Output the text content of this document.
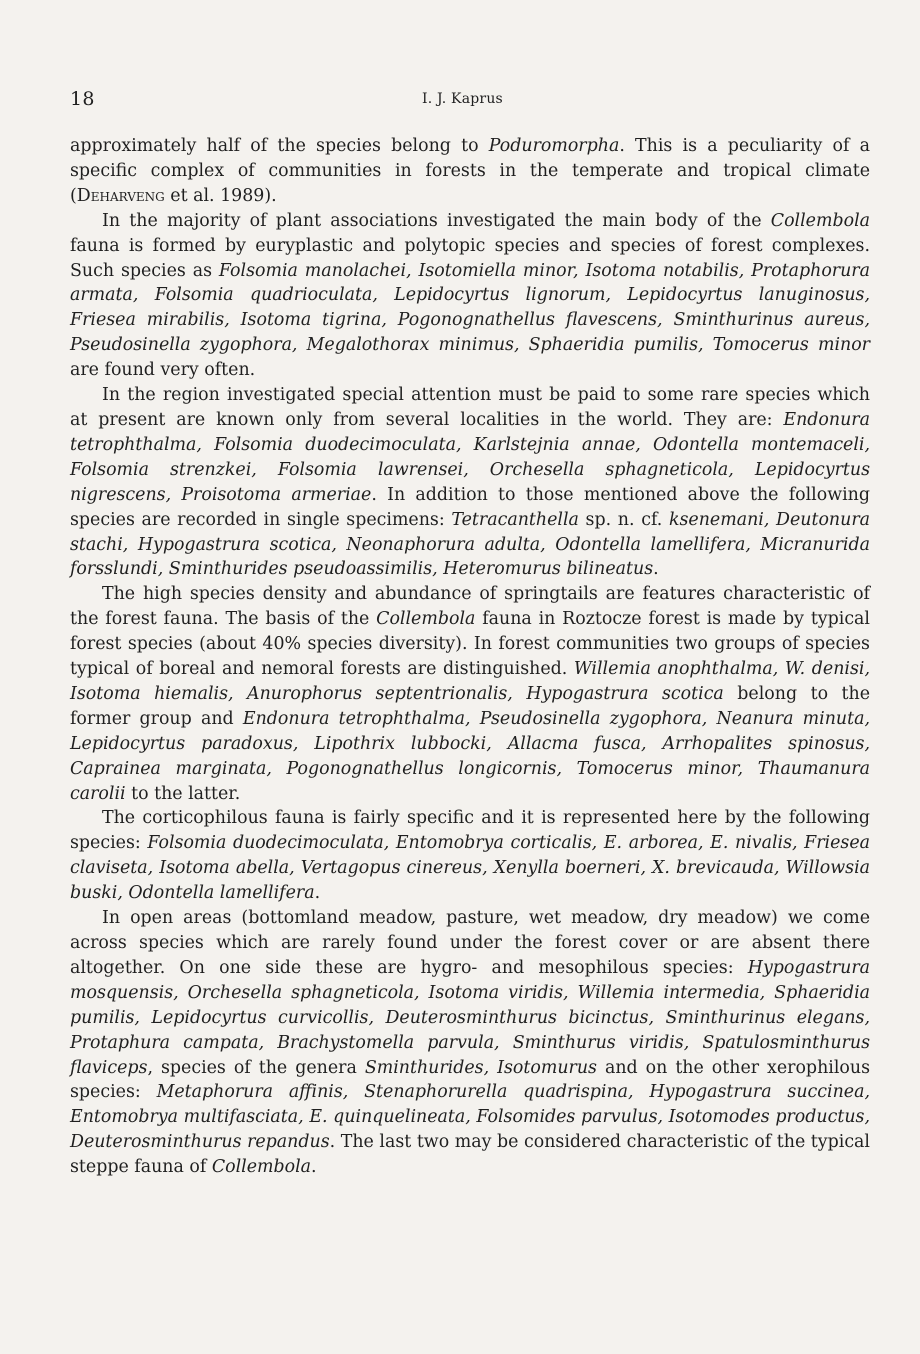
18	I. J. Kaprus

approximately half of the species belong to Poduromorpha. This is a peculiarity of a specific complex of communities in forests in the temperate and tropical climate (Deharveng et al. 1989).

In the majority of plant associations investigated the main body of the Collembola fauna is formed by euryplastic and polytopic species and species of forest complexes. Such species as Folsomia manolachei, Isotomiella minor, Isotoma notabilis, Protaphorura armata, Folsomia quadrioculata, Lepidocyrtus lignorum, Lepidocyrtus lanuginosus, Friesea mirabilis, Isotoma tigrina, Pogonognathellus flavescens, Sminthurinus aureus, Pseudosinella zygophora, Megalothorax minimus, Sphaeridia pumilis, Tomocerus minor are found very often.

In the region investigated special attention must be paid to some rare species which at present are known only from several localities in the world. They are: Endonura tetrophthalma, Folsomia duodecimoculata, Karlstejnia annae, Odontella montemaceli, Folsomia strenzkei, Folsomia lawrensei, Orchesella sphagneticola, Lepidocyrtus nigrescens, Proisotoma armeriae. In addition to those mentioned above the following species are recorded in single specimens: Tetracanthella sp. n. cf. ksenemani, Deutonura stachi, Hypogastrura scotica, Neonaphorura adulta, Odontella lamellifera, Micranurida forsslundi, Sminthurides pseudoassimilis, Heteromurus bilineatus.

The high species density and abundance of springtails are features characteristic of the forest fauna. The basis of the Collembola fauna in Roztocze forest is made by typical forest species (about 40% species diversity). In forest communities two groups of species typical of boreal and nemoral forests are distinguished. Willemia anophthalma, W. denisi, Isotoma hiemalis, Anurophorus septentrionalis, Hypogastrura scotica belong to the former group and Endonura tetrophthalma, Pseudosinella zygophora, Neanura minuta, Lepidocyrtus paradoxus, Lipothrix lubbocki, Allacma fusca, Arrhopalites spinosus, Caprainea marginata, Pogonognathellus longicornis, Tomocerus minor, Thaumanura carolii to the latter.

The corticophilous fauna is fairly specific and it is represented here by the following species: Folsomia duodecimoculata, Entomobrya corticalis, E. arborea, E. nivalis, Friesea claviseta, Isotoma abella, Vertagopus cinereus, Xenylla boerneri, X. brevicauda, Willowsia buski, Odontella lamellifera.

In open areas (bottomland meadow, pasture, wet meadow, dry meadow) we come across species which are rarely found under the forest cover or are absent there altogether. On one side these are hygro- and mesophilous species: Hypogastrura mosquensis, Orchesella sphagneticola, Isotoma viridis, Willemia intermedia, Sphaeridia pumilis, Lepidocyrtus curvicollis, Deuterosminthurus bicinctus, Sminthurinus elegans, Protaphura campata, Brachystomella parvula, Sminthurus viridis, Spatulosminthurus flaviceps, species of the genera Sminthurides, Isotomurus and on the other xerophilous species: Metaphorura affinis, Stenaphorurella quadrispina, Hypogastrura succinea, Entomobrya multifasciata, E. quinquelineata, Folsomides parvulus, Isotomodes productus, Deuterosminthurus repandus. The last two may be considered characteristic of the typical steppe fauna of Collembola.
